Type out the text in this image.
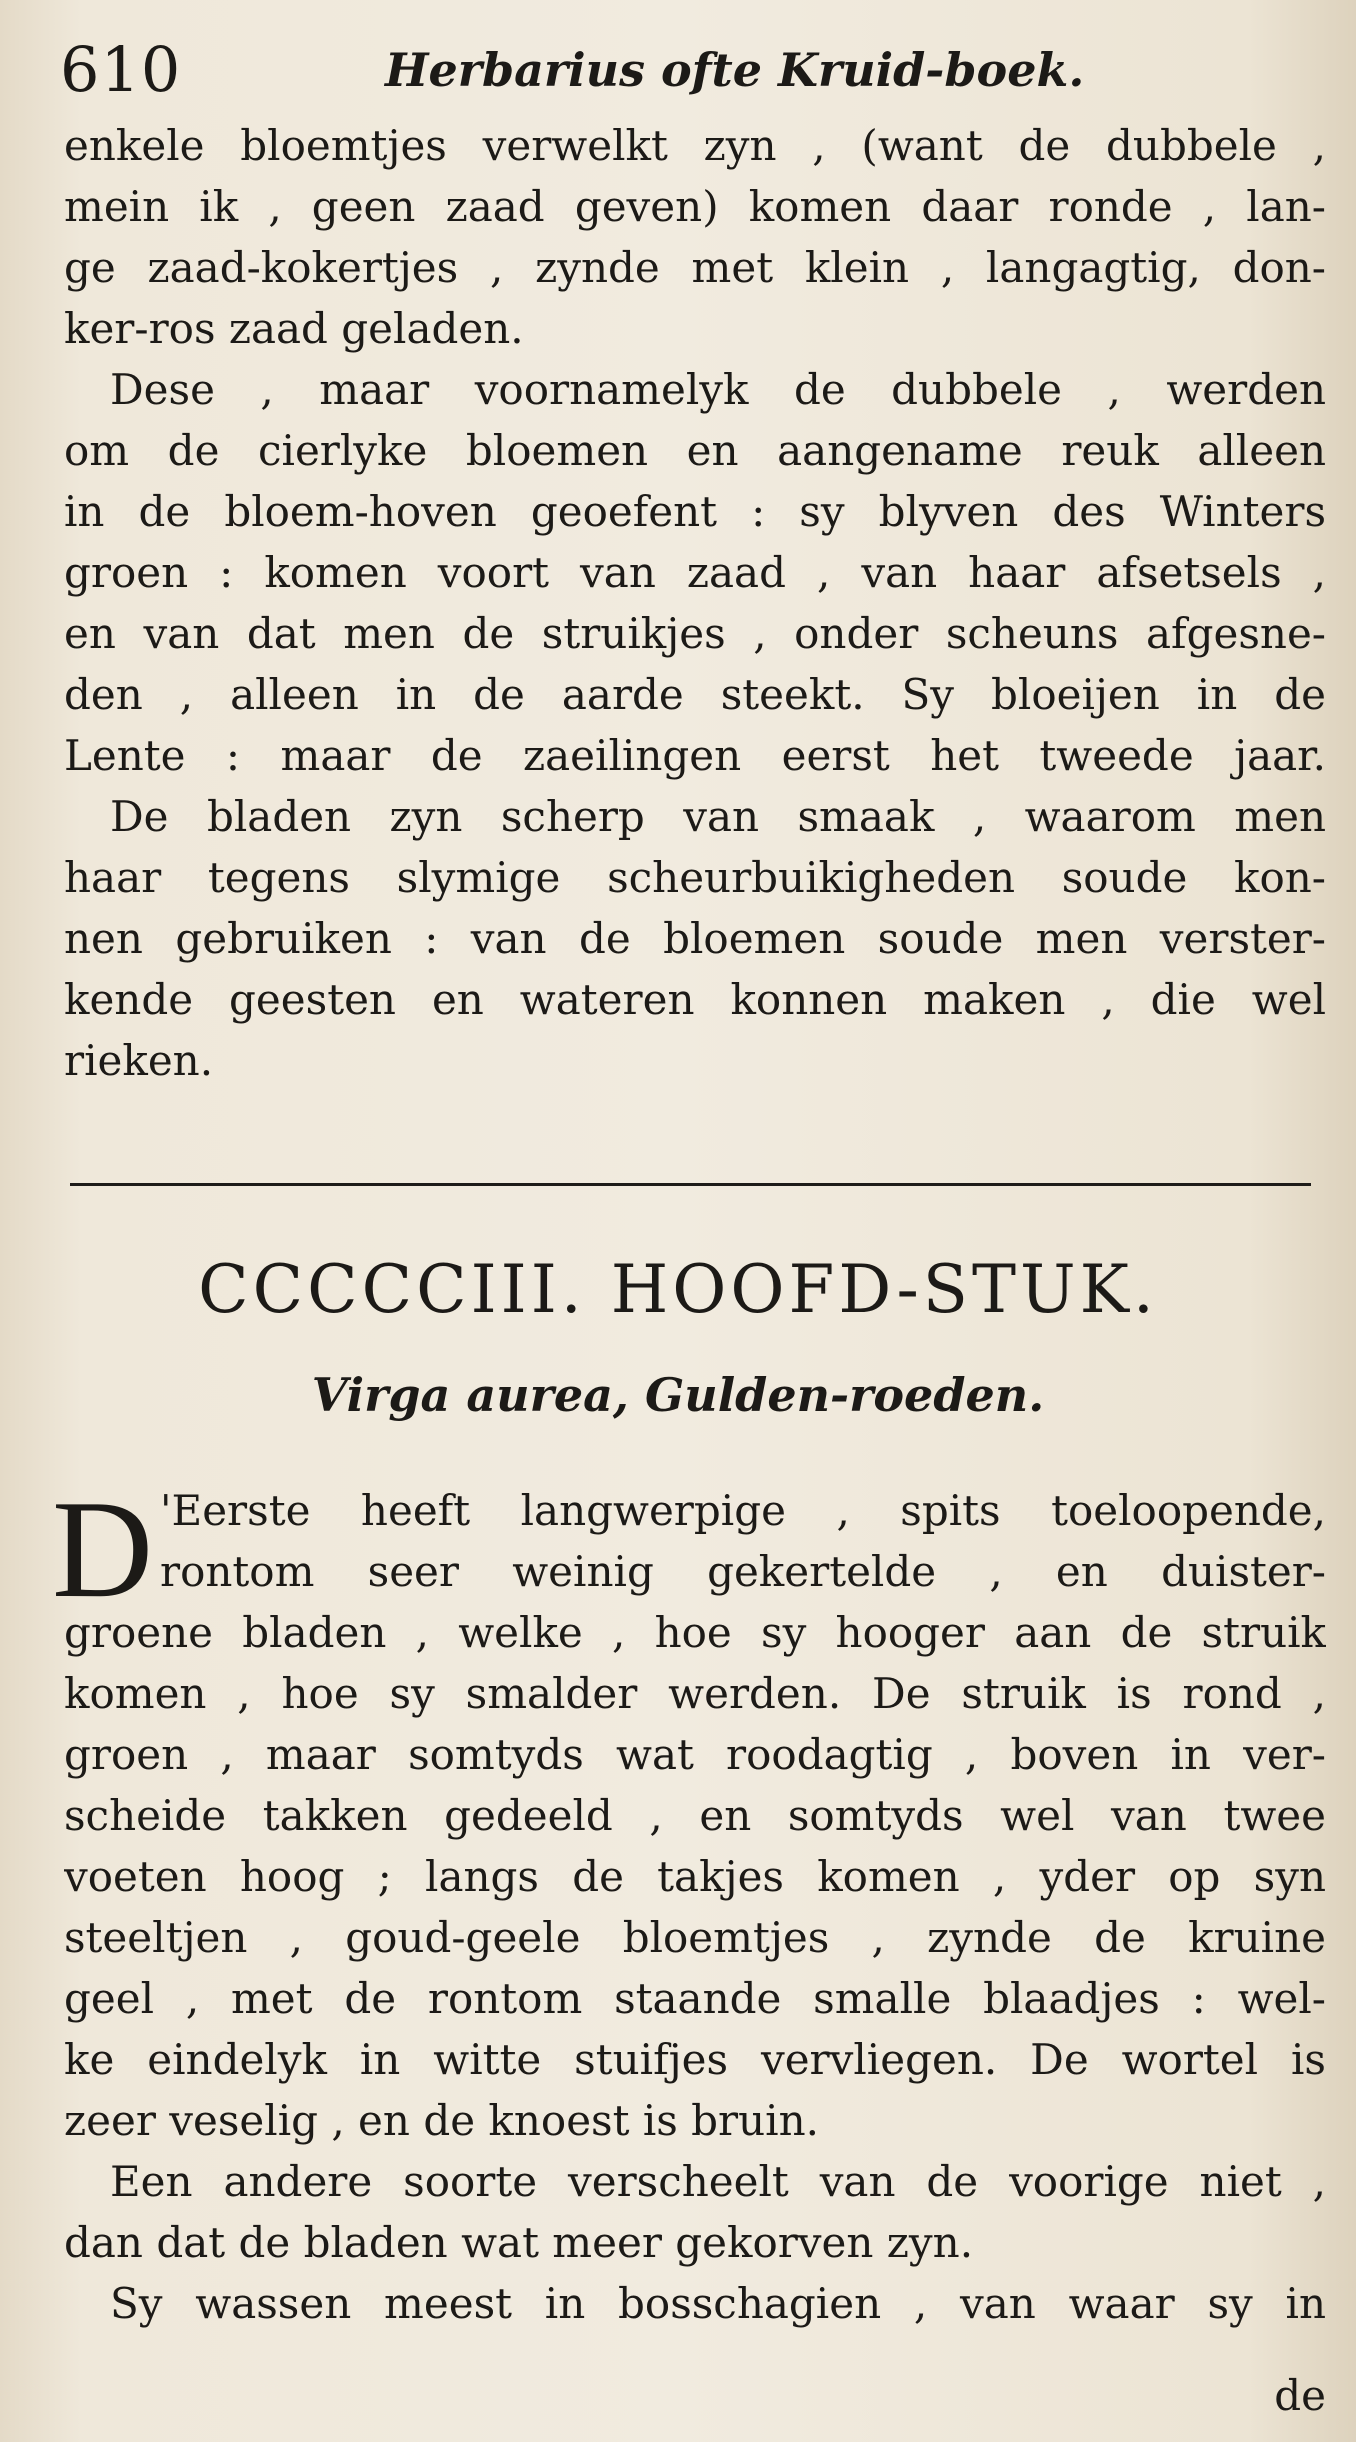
610	Herbarius ofte Kruid-boek.
enkele bloemtjes verwelkt zyn , (want de dubbele ,
mein ik , geen zaad geven) komen daar ronde , lan-
ge zaad-kokertjes , zynde met klein , langagtig, don-
ker-ros zaad geladen.
Dese , maar voornamelyk de dubbele , werden
om de cierlyke bloemen en aangename reuk alleen
in de bloem-hoven geoefent : sy blyven des Winters
groen : komen voort van zaad , van haar afsetsels ,
en van dat men de struikjes , onder scheuns afgesne-
den , alleen in de aarde steekt. Sy bloeijen in de
Lente : maar de zaeilingen eerst het tweede jaar.
De bladen zyn scherp van smaak , waarom men
haar tegens slymige scheurbuikigheden soude kon-
nen gebruiken : van de bloemen soude men verster-
kende geesten en wateren konnen maken , die wel
rieken.
CCCCCIII. HOOFD-STUK.
Virga aurea, Gulden-roeden.
D 'Eerste heeft langwerpige , spits toeloopende,
rontom seer weinig gekertelde , en duister-
groene bladen , welke , hoe sy hooger aan de struik
komen , hoe sy smalder werden. De struik is rond ,
groen , maar somtyds wat roodagtig , boven in ver-
scheide takken gedeeld , en somtyds wel van twee
voeten hoog ; langs de takjes komen , yder op syn
steeltjen , goud-geele bloemtjes , zynde de kruine
geel , met de rontom staande smalle blaadjes : wel-
ke eindelyk in witte stuifjes vervliegen. De wortel is
zeer veselig , en de knoest is bruin.
Een andere soorte verscheelt van de voorige niet ,
dan dat de bladen wat meer gekorven zyn.
Sy wassen meest in bosschagien , van waar sy in
de
